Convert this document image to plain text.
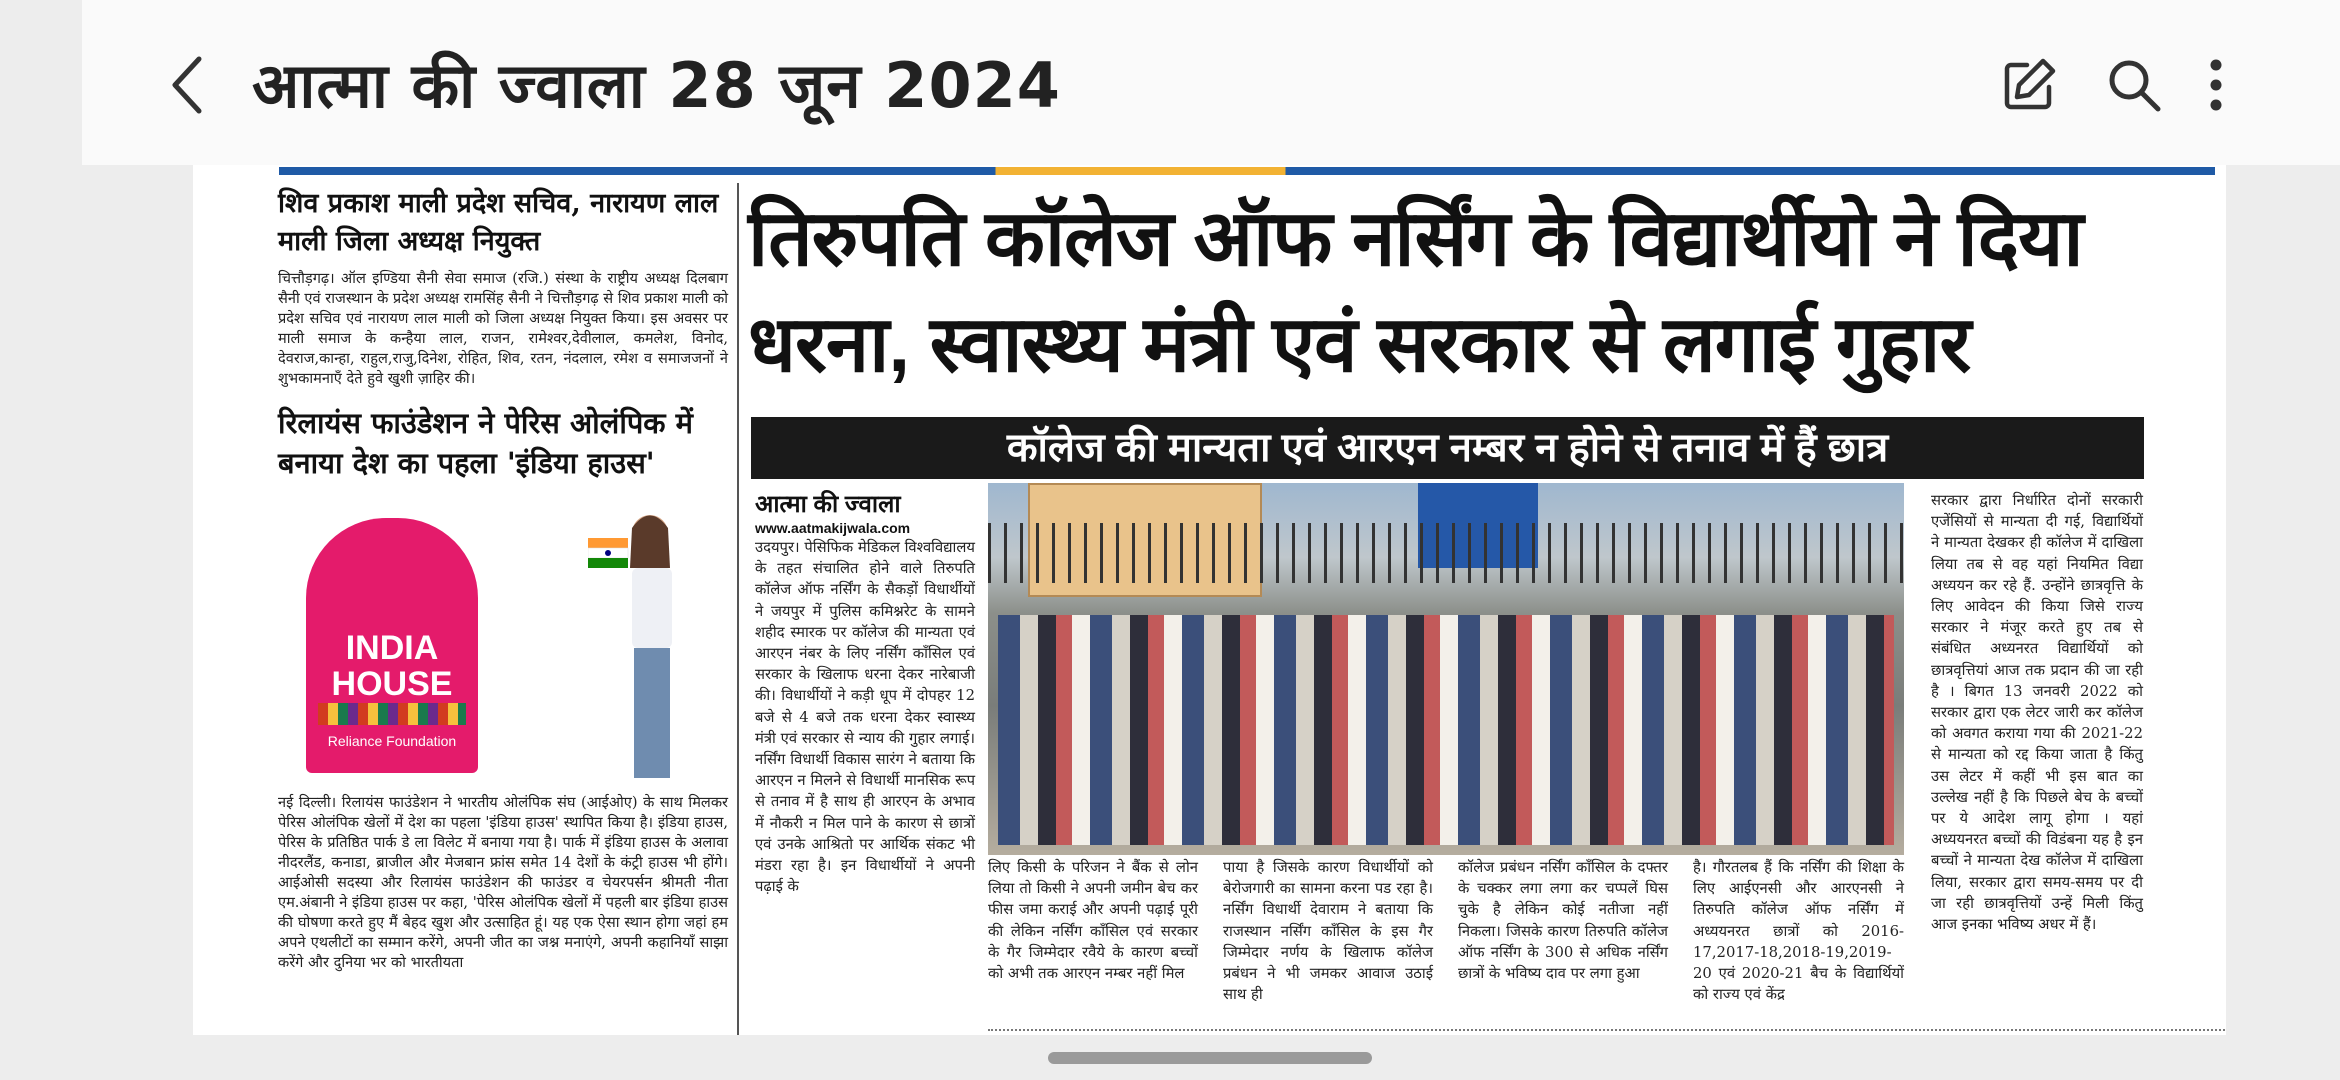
आत्मा की ज्वाला 28 जून 2024

शिव प्रकाश माली प्रदेश सचिव, नारायण लाल माली जिला अध्यक्ष नियुक्त

चित्तौड़गढ़। ऑल इण्डिया सैनी सेवा समाज (रजि.) संस्था के राष्ट्रीय अध्यक्ष दिलबाग सैनी एवं राजस्थान के प्रदेश अध्यक्ष रामसिंह सैनी ने चित्तौड़गढ़ से शिव प्रकाश माली को प्रदेश सचिव एवं नारायण लाल माली को जिला अध्यक्ष नियुक्त किया। इस अवसर पर माली समाज के कन्हैया लाल, राजन, रामेश्वर,देवीलाल, कमलेश, विनोद, देवराज,कान्हा, राहुल,राजु,दिनेश, रोहित, शिव, रतन, नंदलाल, रमेश व समाजजनों ने शुभकामनाएँ देते हुवे खुशी ज़ाहिर की।

रिलायंस फाउंडेशन ने पेरिस ओलंपिक में बनाया देश का पहला 'इंडिया हाउस'

INDIA HOUSE
Reliance Foundation

नई दिल्ली। रिलायंस फाउंडेशन ने भारतीय ओलंपिक संघ (आईओए) के साथ मिलकर पेरिस ओलंपिक खेलों में देश का पहला 'इंडिया हाउस' स्थापित किया है। इंडिया हाउस, पेरिस के प्रतिष्ठित पार्क डे ला विलेट में बनाया गया है। पार्क में इंडिया हाउस के अलावा नीदरलैंड, कनाडा, ब्राजील और मेजबान फ्रांस समेत 14 देशों के कंट्री हाउस भी होंगे। आईओसी सदस्या और रिलायंस फाउंडेशन की फाउंडर व चेयरपर्सन श्रीमती नीता एम.अंबानी ने इंडिया हाउस पर कहा, 'पेरिस ओलंपिक खेलों में पहली बार इंडिया हाउस की घोषणा करते हुए मैं बेहद खुश और उत्साहित हूं। यह एक ऐसा स्थान होगा जहां हम अपने एथलीटों का सम्मान करेंगे, अपनी जीत का जश्न मनाएंगे, अपनी कहानियाँ साझा करेंगे और दुनिया भर को भारतीयता

तिरुपति कॉलेज ऑफ नर्सिंग के विद्यार्थीयो ने दिया धरना, स्वास्थ्य मंत्री एवं सरकार से लगाई गुहार
कॉलेज की मान्यता एवं आरएन नम्बर न होने से तनाव में हैं छात्र
आत्मा की ज्वाला
www.aatmakijwala.com

उदयपुर। पेसिफिक मेडिकल विश्वविद्यालय के तहत संचालित होने वाले तिरुपति कॉलेज ऑफ नर्सिंग के सैकड़ों विधार्थीयों ने जयपुर में पुलिस कमिश्नरेट के सामने शहीद स्मारक पर कॉलेज की मान्यता एवं आरएन नंबर के लिए नर्सिंग कॉंसिल एवं सरकार के खिलाफ धरना देकर नारेबाजी की। विधार्थीयों ने कड़ी धूप में दोपहर 12 बजे से 4 बजे तक धरना देकर स्वास्थ्य मंत्री एवं सरकार से न्याय की गुहार लगाई। नर्सिंग विधार्थी विकास सारंग ने बताया कि आरएन न मिलने से विधार्थी मानसिक रूप से तनाव में है साथ ही आरएन के अभाव में नौकरी न मिल पाने के कारण से छात्रों एवं उनके आश्रितो पर आर्थिक संकट भी मंडरा रहा है। इन विधार्थीयों ने अपनी पढ़ाई के

लिए किसी के परिजन ने बैंक से लोन लिया तो किसी ने अपनी जमीन बेच कर फीस जमा कराई और अपनी पढ़ाई पूरी की लेकिन नर्सिंग कॉंसिल एवं सरकार के गैर जिम्मेदार रवैये के कारण बच्चों को अभी तक आरएन नम्बर नहीं मिल

पाया है जिसके कारण विधार्थीयों को बेरोजगारी का सामना करना पड रहा है। नर्सिंग विधार्थी देवाराम ने बताया कि राजस्थान नर्सिंग कॉंसिल के इस गैर जिम्मेदार नर्णय के खिलाफ कॉलेज प्रबंधन ने भी जमकर आवाज उठाई साथ ही

कॉलेज प्रबंधन नर्सिंग कॉंसिल के दफ्तर के चक्कर लगा लगा कर चप्पलें घिस चुके है लेकिन कोई नतीजा नहीं निकला। जिसके कारण तिरुपति कॉलेज ऑफ नर्सिंग के 300 से अधिक नर्सिंग छात्रों के भविष्य दाव पर लगा हुआ

है। गौरतलब हैं कि नर्सिंग की शिक्षा के लिए आईएनसी और आरएनसी ने तिरुपति कॉलेज ऑफ नर्सिंग में अध्ययनरत छात्रों को 2016-17,2017-18,2018-19,2019-20 एवं 2020-21 बैच के विद्यार्थियों को राज्य एवं केंद्र

सरकार द्वारा निर्धारित दोनों सरकारी एजेंसियों से मान्यता दी गई, विद्यार्थियों ने मान्यता देखकर ही कॉलेज में दाखिला लिया तब से वह यहां नियमित विद्या अध्ययन कर रहे हैं. उन्होंने छात्रवृत्ति के लिए आवेदन की किया जिसे राज्य सरकार ने मंजूर करते हुए तब से संबंधित अध्यनरत विद्यार्थियों को छात्रवृत्तियां आज तक प्रदान की जा रही है । बिगत 13 जनवरी 2022 को सरकार द्वारा एक लेटर जारी कर कॉलेज को अवगत कराया गया की 2021-22 से मान्यता को रद्द किया जाता है किंतु उस लेटर में कहीं भी इस बात का उल्लेख नहीं है कि पिछले बेच के बच्चों पर ये आदेश लागू होगा । यहां अध्ययनरत बच्चों की विडंबना यह है इन बच्चों ने मान्यता देख कॉलेज में दाखिला लिया, सरकार द्वारा समय-समय पर दी जा रही छात्रवृत्तियों उन्हें मिली किंतु आज इनका भविष्य अधर में हैं।
